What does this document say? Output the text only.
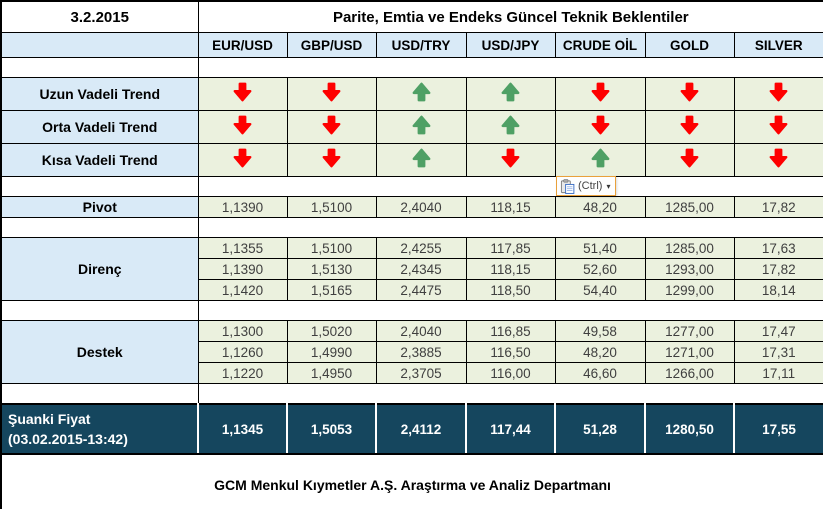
3.2.2015	Parite, Emtia ve Endeks Güncel Teknik Beklentiler						
	EUR/USD	GBP/USD	USD/TRY	USD/JPY	CRUDE OİL	GOLD	SILVER

Uzun Vadeli Trend							
Orta Vadeli Trend							
Kısa Vadeli Trend							

Pivot	1,1390	1,5100	2,4040	118,15	48,20	1285,00	17,82

Direnç	1,1355	1,5100	2,4255	117,85	51,40	1285,00	17,63
	1,1390	1,5130	2,4345	118,15	52,60	1293,00	17,82
	1,1420	1,5165	2,4475	118,50	54,40	1299,00	18,14

Destek	1,1300	1,5020	2,4040	116,85	49,58	1277,00	17,47
	1,1260	1,4990	2,3885	116,50	48,20	1271,00	17,31
	1,1220	1,4950	2,3705	116,00	46,60	1266,00	17,11

Şuanki Fiyat
(03.02.2015-13:42)	1,1345	1,5053	2,4112	117,44	51,28	1280,50	17,55
GCM Menkul Kıymetler A.Ş. Araştırma ve Analiz Departmanı							
(Ctrl) ▾
